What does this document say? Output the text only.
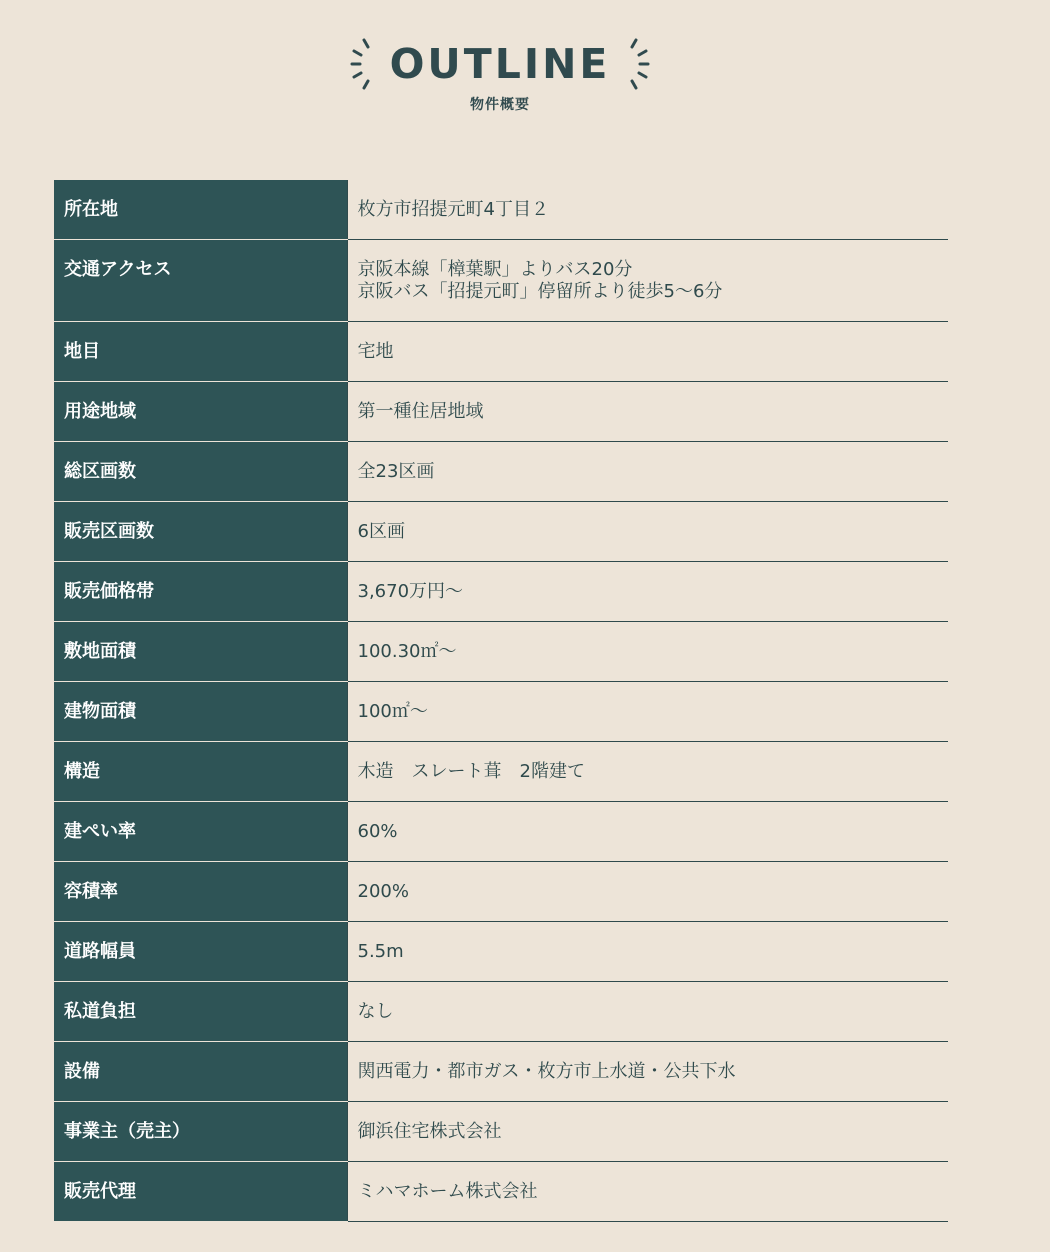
OUTLINE
物件概要
所在地	枚方市招提元町4丁目２

交通アクセス	京阪本線「樟葉駅」よりバス20分
京阪バス「招提元町」停留所より徒歩5〜6分

地目	宅地

用途地域	第一種住居地域

総区画数	全23区画

販売区画数	6区画

販売価格帯	3,670万円〜

敷地面積	100.30㎡〜

建物面積	100㎡〜

構造	木造　スレート葺　2階建て

建ぺい率	60%

容積率	200%

道路幅員	5.5m

私道負担	なし

設備	関西電力・都市ガス・枚方市上水道・公共下水

事業主（売主）	御浜住宅株式会社

販売代理	ミハマホーム株式会社
